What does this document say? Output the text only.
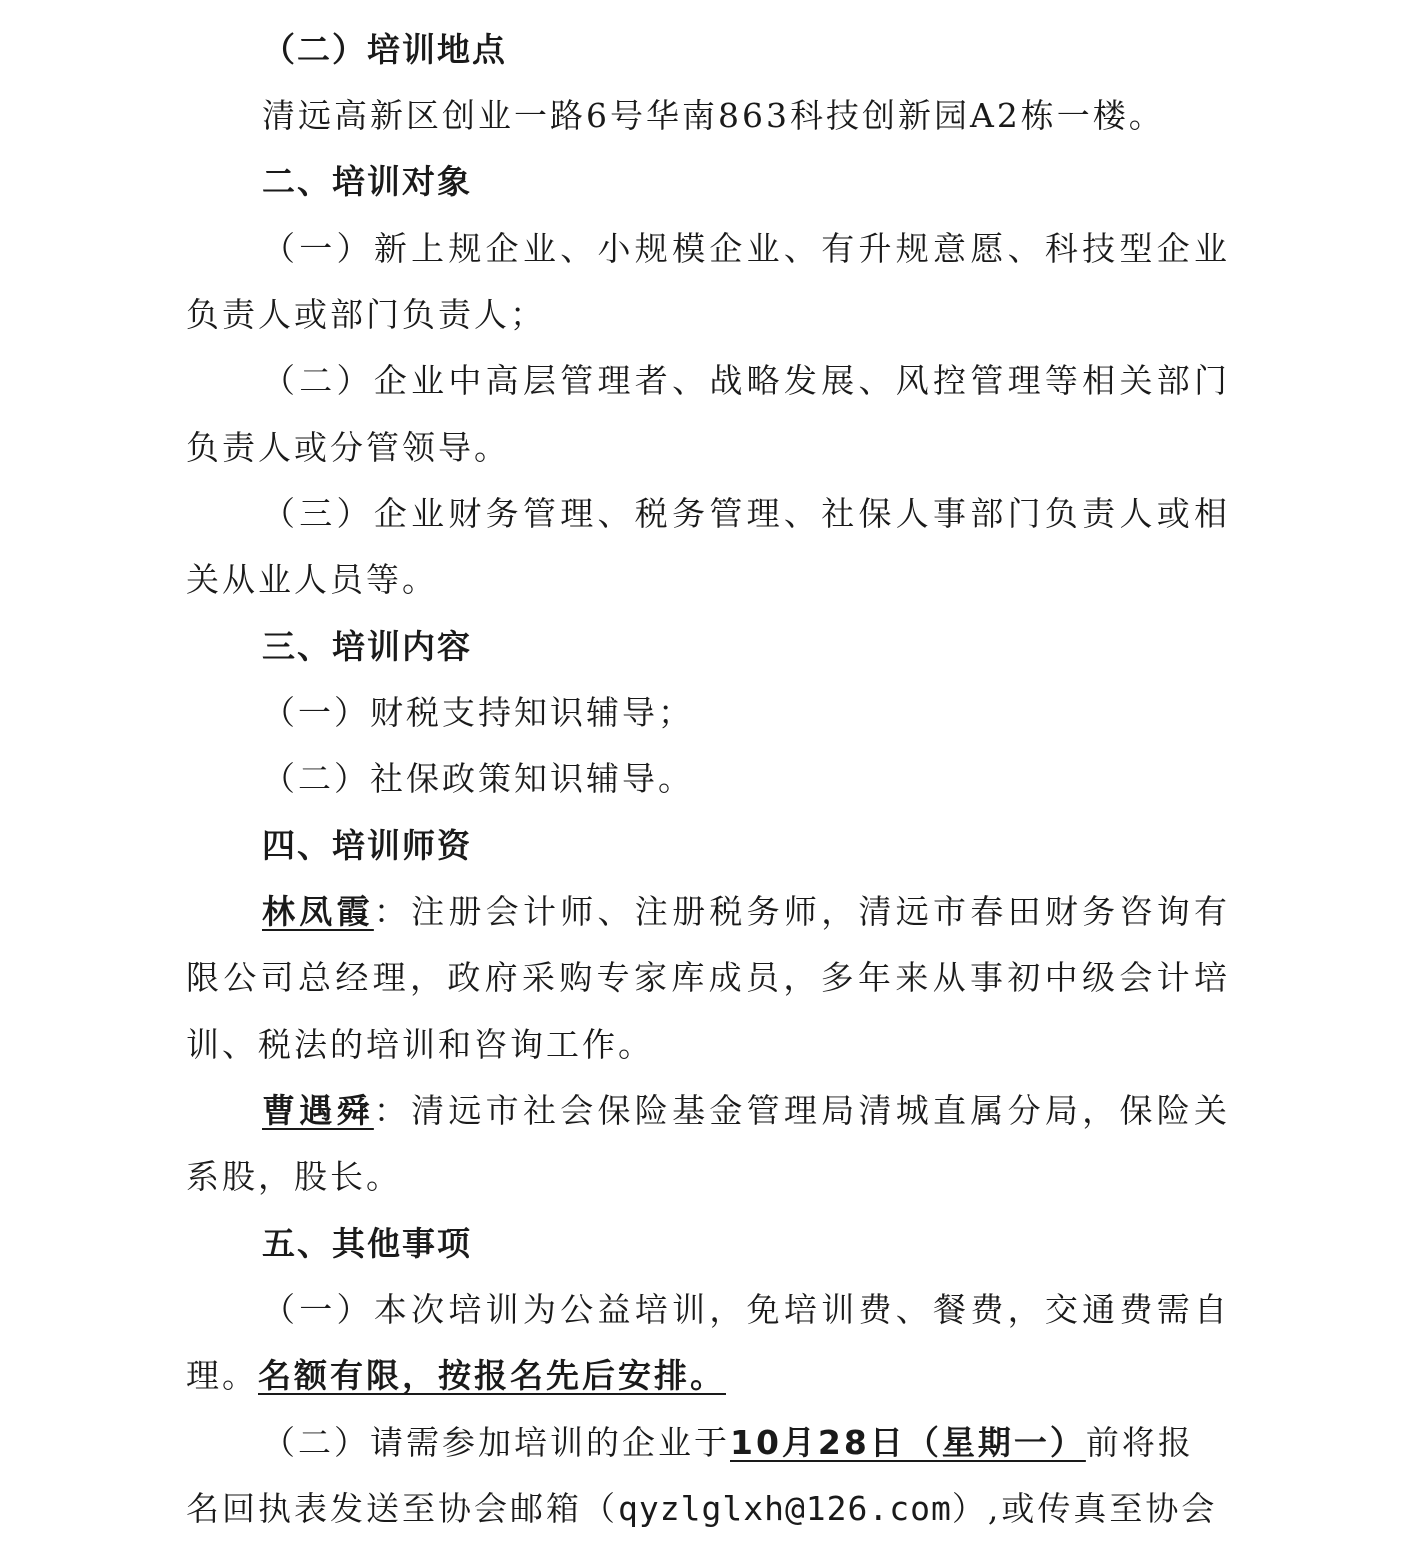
（二）培训地点
清远高新区创业一路6号华南863科技创新园A2栋一楼。
二、培训对象
（一）新上规企业、小规模企业、有升规意愿、科技型企业
负责人或部门负责人；
（二）企业中高层管理者、战略发展、风控管理等相关部门
负责人或分管领导。
（三）企业财务管理、税务管理、社保人事部门负责人或相
关从业人员等。
三、培训内容
（一）财税支持知识辅导；
（二）社保政策知识辅导。
四、培训师资
林凤霞：注册会计师、注册税务师，清远市春田财务咨询有
限公司总经理，政府采购专家库成员，多年来从事初中级会计培
训、税法的培训和咨询工作。
曹遇舜：清远市社会保险基金管理局清城直属分局，保险关
系股，股长。
五、其他事项
（一）本次培训为公益培训，免培训费、餐费，交通费需自
理。名额有限，按报名先后安排。
（二）请需参加培训的企业于10月28日（星期一）前将报
名回执表发送至协会邮箱（qyzlglxh@126.com）,或传真至协会
